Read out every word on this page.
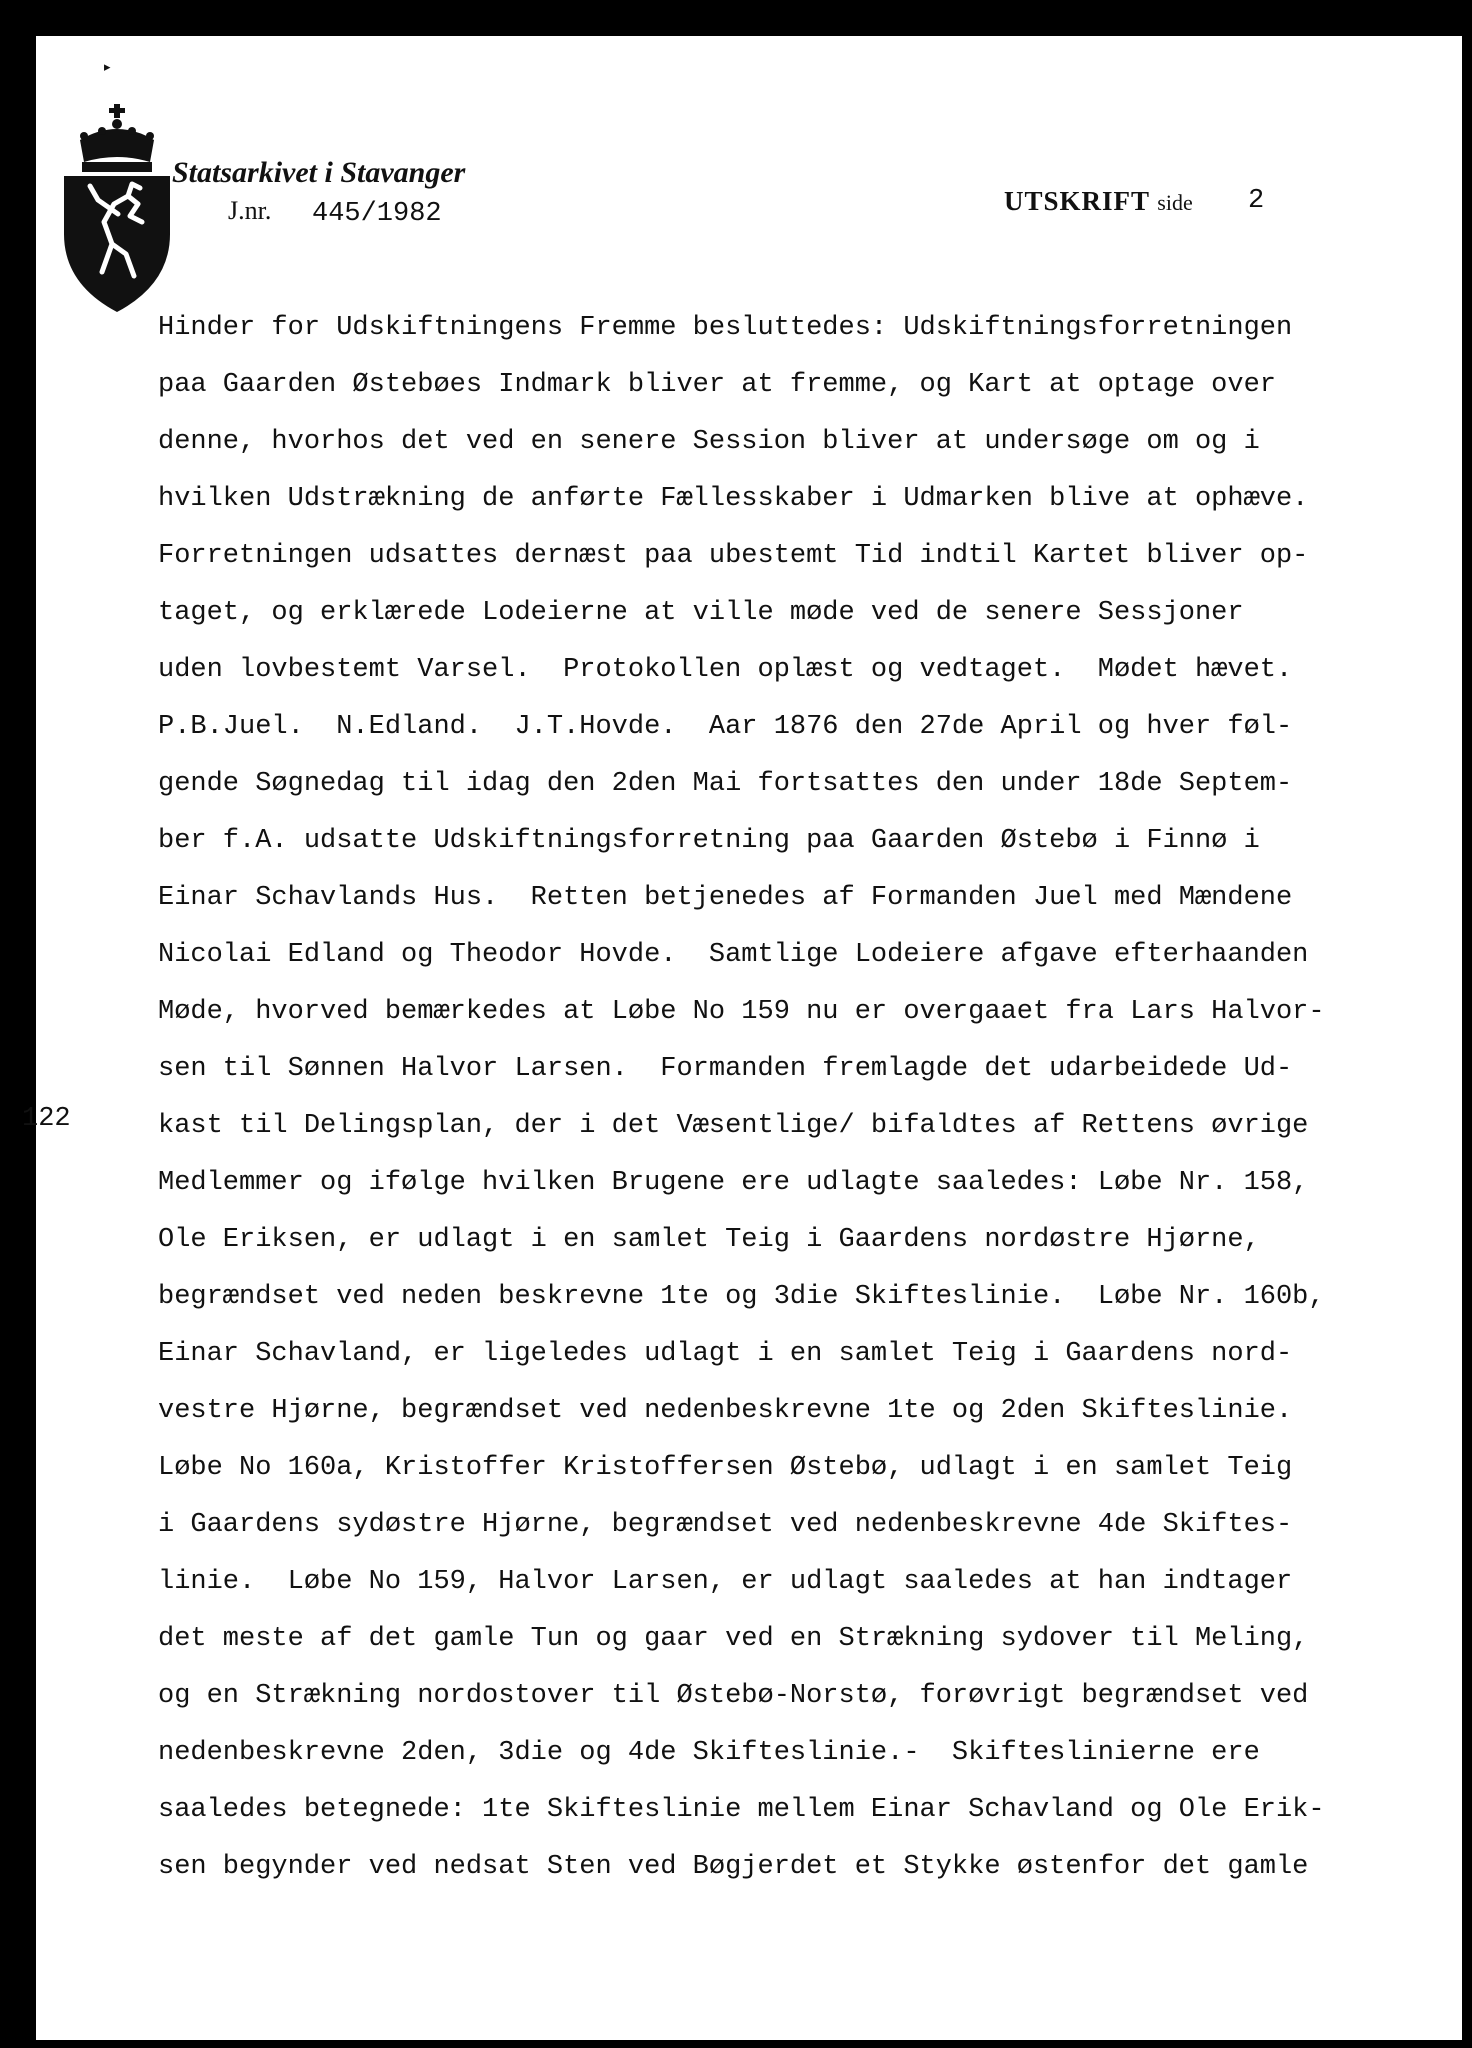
▸
Statsarkivet i Stavanger
J.nr. 445/1982	UTSKRIFT side 2
122
Hinder for Udskiftningens Fremme besluttedes: Udskiftningsforretningen
paa Gaarden Østebøes Indmark bliver at fremme, og Kart at optage over
denne, hvorhos det ved en senere Session bliver at undersøge om og i
hvilken Udstrækning de anførte Fællesskaber i Udmarken blive at ophæve.
Forretningen udsattes dernæst paa ubestemt Tid indtil Kartet bliver op-
taget, og erklærede Lodeierne at ville møde ved de senere Sessjoner
uden lovbestemt Varsel.  Protokollen oplæst og vedtaget.  Mødet hævet.
P.B.Juel.  N.Edland.  J.T.Hovde.  Aar 1876 den 27de April og hver føl-
gende Søgnedag til idag den 2den Mai fortsattes den under 18de Septem-
ber f.A. udsatte Udskiftningsforretning paa Gaarden Østebø i Finnø i
Einar Schavlands Hus.  Retten betjenedes af Formanden Juel med Mændene
Nicolai Edland og Theodor Hovde.  Samtlige Lodeiere afgave efterhaanden
Møde, hvorved bemærkedes at Løbe No 159 nu er overgaaet fra Lars Halvor-
sen til Sønnen Halvor Larsen.  Formanden fremlagde det udarbeidede Ud-
kast til Delingsplan, der i det Væsentlige/ bifaldtes af Rettens øvrige
Medlemmer og ifølge hvilken Brugene ere udlagte saaledes: Løbe Nr. 158,
Ole Eriksen, er udlagt i en samlet Teig i Gaardens nordøstre Hjørne,
begrændset ved neden beskrevne 1te og 3die Skifteslinie.  Løbe Nr. 160b,
Einar Schavland, er ligeledes udlagt i en samlet Teig i Gaardens nord-
vestre Hjørne, begrændset ved nedenbeskrevne 1te og 2den Skifteslinie.
Løbe No 160a, Kristoffer Kristoffersen Østebø, udlagt i en samlet Teig
i Gaardens sydøstre Hjørne, begrændset ved nedenbeskrevne 4de Skiftes-
linie.  Løbe No 159, Halvor Larsen, er udlagt saaledes at han indtager
det meste af det gamle Tun og gaar ved en Strækning sydover til Meling,
og en Strækning nordostover til Østebø-Norstø, forøvrigt begrændset ved
nedenbeskrevne 2den, 3die og 4de Skifteslinie.-  Skifteslinierne ere
saaledes betegnede: 1te Skifteslinie mellem Einar Schavland og Ole Erik-
sen begynder ved nedsat Sten ved Bøgjerdet et Stykke østenfor det gamle
